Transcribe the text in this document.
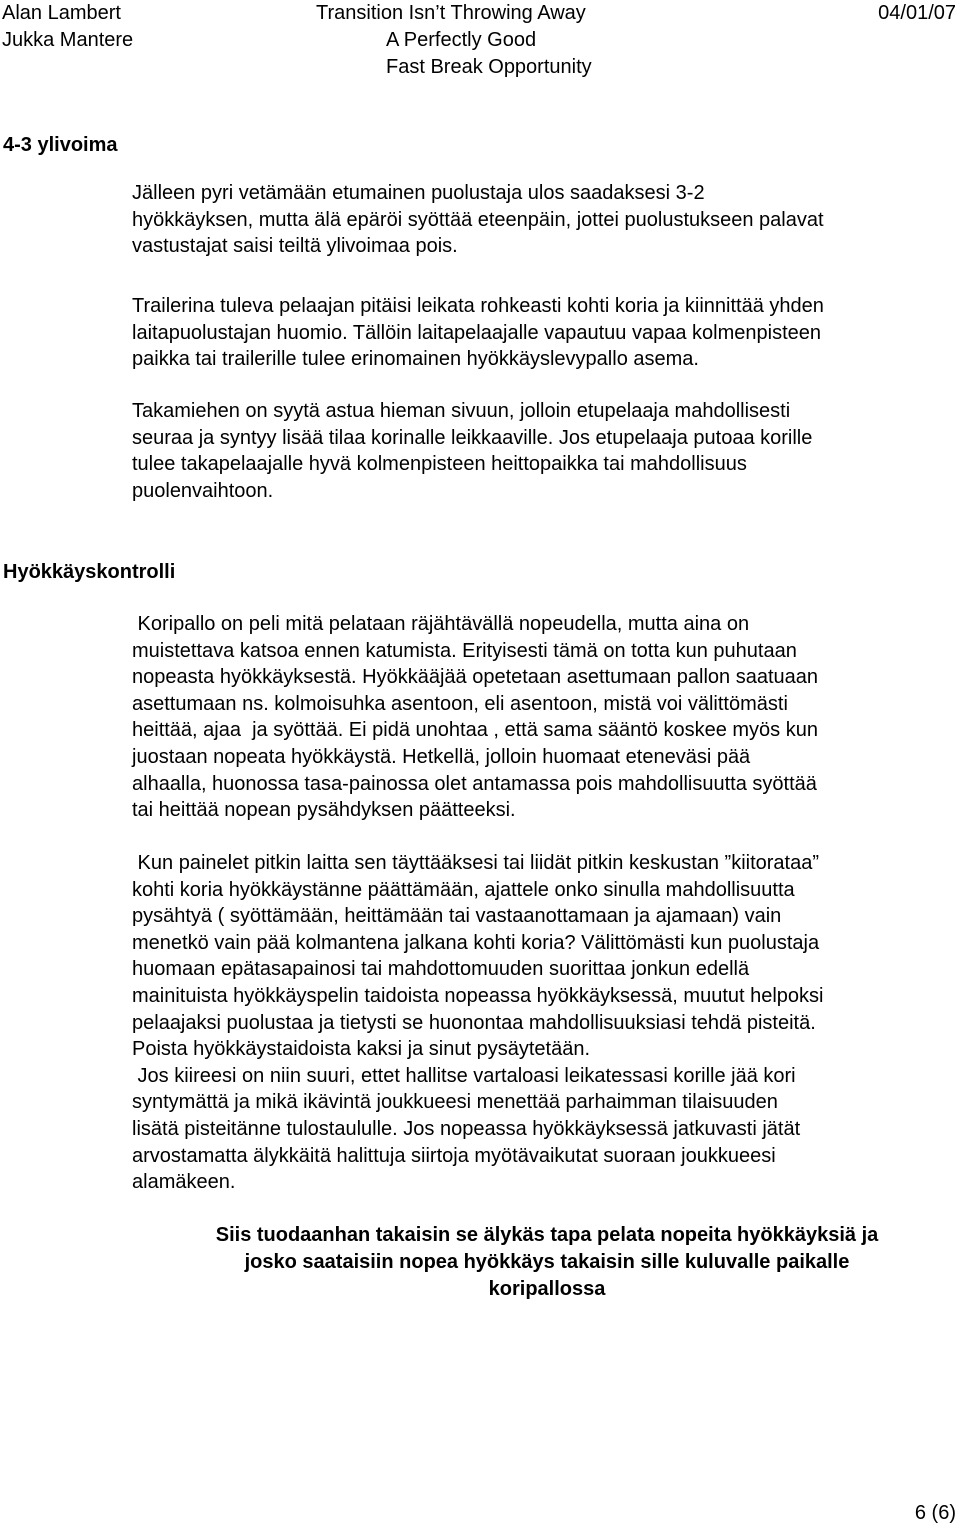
Alan Lambert
Jukka Mantere
Transition Isn’t Throwing Away
A Perfectly Good
Fast Break Opportunity
04/01/07
4-3 ylivoima

Jälleen pyri vetämään etumainen puolustaja ulos saadaksesi 3-2
hyökkäyksen, mutta älä epäröi syöttää eteenpäin, jottei puolustukseen palavat
vastustajat saisi teiltä ylivoimaa pois.

Trailerina tuleva pelaajan pitäisi leikata rohkeasti kohti koria ja kiinnittää yhden
laitapuolustajan huomio. Tällöin laitapelaajalle vapautuu vapaa kolmenpisteen
paikka tai trailerille tulee erinomainen hyökkäyslevypallo asema.

Takamiehen on syytä astua hieman sivuun, jolloin etupelaaja mahdollisesti
seuraa ja syntyy lisää tilaa korinalle leikkaaville. Jos etupelaaja putoaa korille
tulee takapelaajalle hyvä kolmenpisteen heittopaikka tai mahdollisuus
puolenvaihtoon.

Hyökkäyskontrolli

Koripallo on peli mitä pelataan räjähtävällä nopeudella, mutta aina on
muistettava katsoa ennen katumista. Erityisesti tämä on totta kun puhutaan
nopeasta hyökkäyksestä. Hyökkääjää opetetaan asettumaan pallon saatuaan
asettumaan ns. kolmoisuhka asentoon, eli asentoon, mistä voi välittömästi
heittää, ajaa  ja syöttää. Ei pidä unohtaa , että sama sääntö koskee myös kun
juostaan nopeata hyökkäystä. Hetkellä, jolloin huomaat eteneväsi pää
alhaalla, huonossa tasa-painossa olet antamassa pois mahdollisuutta syöttää
tai heittää nopean pysähdyksen päätteeksi.

Kun painelet pitkin laitta sen täyttääksesi tai liidät pitkin keskustan ”kiitorataa”
kohti koria hyökkäystänne päättämään, ajattele onko sinulla mahdollisuutta
pysähtyä ( syöttämään, heittämään tai vastaanottamaan ja ajamaan) vain
menetkö vain pää kolmantena jalkana kohti koria? Välittömästi kun puolustaja
huomaan epätasapainosi tai mahdottomuuden suorittaa jonkun edellä
mainituista hyökkäyspelin taidoista nopeassa hyökkäyksessä, muutut helpoksi
pelaajaksi puolustaa ja tietysti se huonontaa mahdollisuuksiasi tehdä pisteitä.
Poista hyökkäystaidoista kaksi ja sinut pysäytetään.
Jos kiireesi on niin suuri, ettet hallitse vartaloasi leikatessasi korille jää kori
syntymättä ja mikä ikävintä joukkueesi menettää parhaimman tilaisuuden
lisätä pisteitänne tulostaululle. Jos nopeassa hyökkäyksessä jatkuvasti jätät
arvostamatta älykkäitä halittuja siirtoja myötävaikutat suoraan joukkueesi
alamäkeen.

Siis tuodaanhan takaisin se älykäs tapa pelata nopeita hyökkäyksiä ja
josko saataisiin nopea hyökkäys takaisin sille kuluvalle paikalle
koripallossa

6 (6)
